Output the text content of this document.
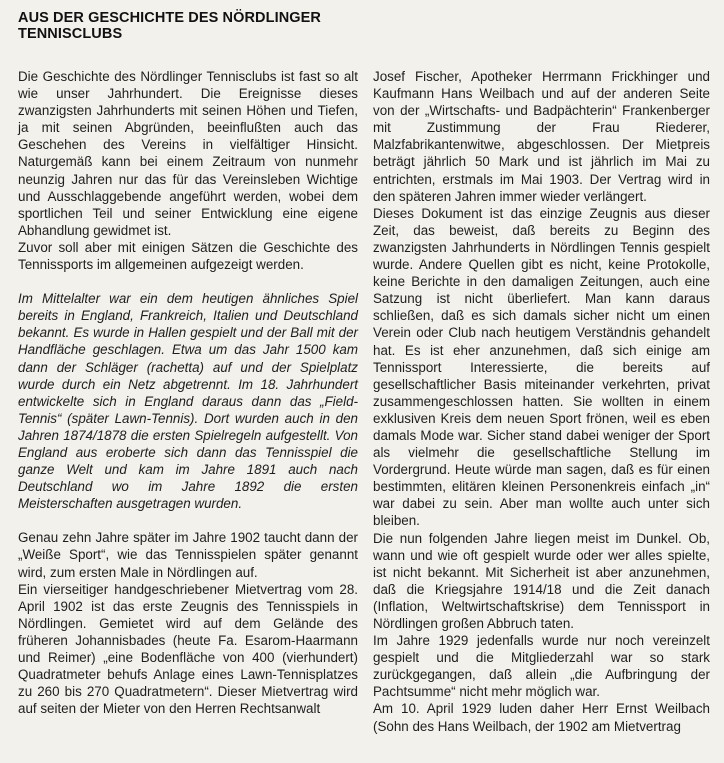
AUS DER GESCHICHTE DES NÖRDLINGER
TENNISCLUBS

Die Geschichte des Nördlinger Tennisclubs ist fast so alt wie unser Jahrhundert. Die Ereignisse dieses zwanzigsten Jahrhunderts mit seinen Höhen und Tiefen, ja mit seinen Abgründen, beeinflußten auch das Geschehen des Vereins in vielfältiger Hinsicht. Naturgemäß kann bei einem Zeitraum von nunmehr neunzig Jahren nur das für das Vereinsleben Wichtige und Ausschlaggebende angeführt werden, wobei dem sportlichen Teil und seiner Entwicklung eine eigene Abhandlung gewidmet ist.

Zuvor soll aber mit einigen Sätzen die Geschichte des Tennissports im allgemeinen aufgezeigt werden.

Im Mittelalter war ein dem heutigen ähnliches Spiel bereits in England, Frankreich, Italien und Deutschland bekannt. Es wurde in Hallen gespielt und der Ball mit der Handfläche geschlagen. Etwa um das Jahr 1500 kam dann der Schläger (rachetta) auf und der Spielplatz wurde durch ein Netz abgetrennt. Im 18. Jahrhundert entwickelte sich in England daraus dann das „Field-Tennis“ (später Lawn-Tennis). Dort wurden auch in den Jahren 1874/1878 die ersten Spielregeln aufgestellt. Von England aus eroberte sich dann das Tennisspiel die ganze Welt und kam im Jahre 1891 auch nach Deutschland wo im Jahre 1892 die ersten Meisterschaften ausgetragen wurden.

Genau zehn Jahre später im Jahre 1902 taucht dann der „Weiße Sport“, wie das Tennisspielen später genannt wird, zum ersten Male in Nördlingen auf.

Ein vierseitiger handgeschriebener Mietvertrag vom 28. April 1902 ist das erste Zeugnis des Tennisspiels in Nördlingen. Gemietet wird auf dem Gelände des früheren Johannisbades (heute Fa. Esarom-Haarmann und Reimer) „eine Bodenfläche von 400 (vierhundert) Quadratmeter behufs Anlage eines Lawn-Tennisplatzes zu 260 bis 270 Quadratmetern“. Dieser Mietvertrag wird auf seiten der Mieter von den Herren Rechtsanwalt

Josef Fischer, Apotheker Herrmann Frickhinger und Kaufmann Hans Weilbach und auf der anderen Seite von der „Wirtschafts- und Badpächterin“ Frankenberger mit Zustimmung der Frau Riederer, Malzfabrikantenwitwe, abgeschlossen. Der Mietpreis beträgt jährlich 50 Mark und ist jährlich im Mai zu entrichten, erstmals im Mai 1903. Der Vertrag wird in den späteren Jahren immer wieder verlängert.

Dieses Dokument ist das einzige Zeugnis aus dieser Zeit, das beweist, daß bereits zu Beginn des zwanzigsten Jahrhunderts in Nördlingen Tennis gespielt wurde. Andere Quellen gibt es nicht, keine Protokolle, keine Berichte in den damaligen Zeitungen, auch eine Satzung ist nicht überliefert. Man kann daraus schließen, daß es sich damals sicher nicht um einen Verein oder Club nach heutigem Verständnis gehandelt hat. Es ist eher anzunehmen, daß sich einige am Tennissport Interessierte, die bereits auf gesellschaftlicher Basis miteinander verkehrten, privat zusammengeschlossen hatten. Sie wollten in einem exklusiven Kreis dem neuen Sport frönen, weil es eben damals Mode war. Sicher stand dabei weniger der Sport als vielmehr die gesellschaftliche Stellung im Vordergrund. Heute würde man sagen, daß es für einen bestimmten, elitären kleinen Personenkreis einfach „in“ war dabei zu sein. Aber man wollte auch unter sich bleiben.

Die nun folgenden Jahre liegen meist im Dunkel. Ob, wann und wie oft gespielt wurde oder wer alles spielte, ist nicht bekannt. Mit Sicherheit ist aber anzunehmen, daß die Kriegsjahre 1914/18 und die Zeit danach (Inflation, Weltwirtschaftskrise) dem Tennissport in Nördlingen großen Abbruch taten.

Im Jahre 1929 jedenfalls wurde nur noch vereinzelt gespielt und die Mitgliederzahl war so stark zurückgegangen, daß allein „die Aufbringung der Pachtsumme“ nicht mehr möglich war.

Am 10. April 1929 luden daher Herr Ernst Weilbach (Sohn des Hans Weilbach, der 1902 am Mietvertrag
